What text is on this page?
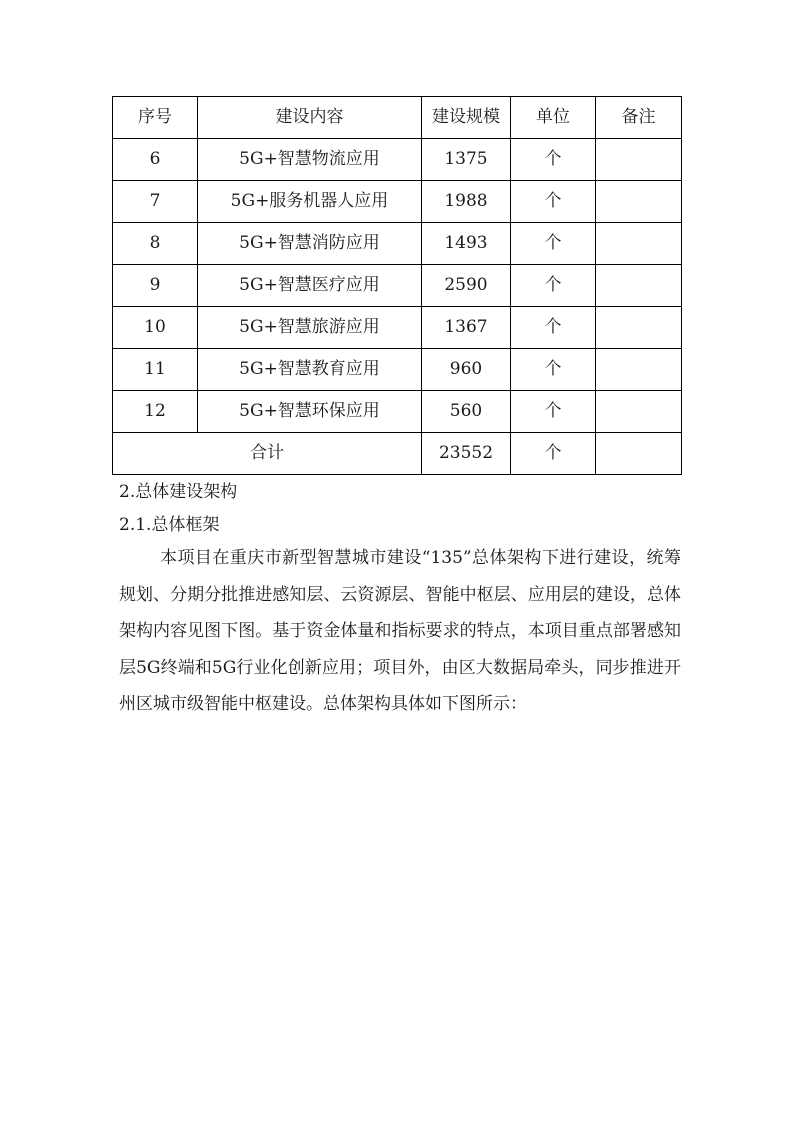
序号	建设内容	建设规模	单位	备注
6	5G+智慧物流应用	1375	个	
7	5G+服务机器人应用	1988	个	
8	5G+智慧消防应用	1493	个	
9	5G+智慧医疗应用	2590	个	
10	5G+智慧旅游应用	1367	个	
11	5G+智慧教育应用	960	个	
12	5G+智慧环保应用	560	个	
合计		23552	个	
2.总体建设架构
2.1.总体框架

本项目在重庆市新型智慧城市建设“135”总体架构下进行建设，统筹规划、分期分批推进感知层、云资源层、智能中枢层、应用层的建设，总体架构内容见图下图。基于资金体量和指标要求的特点，本项目重点部署感知层5G终端和5G行业化创新应用；项目外，由区大数据局牵头，同步推进开州区城市级智能中枢建设。总体架构具体如下图所示：
